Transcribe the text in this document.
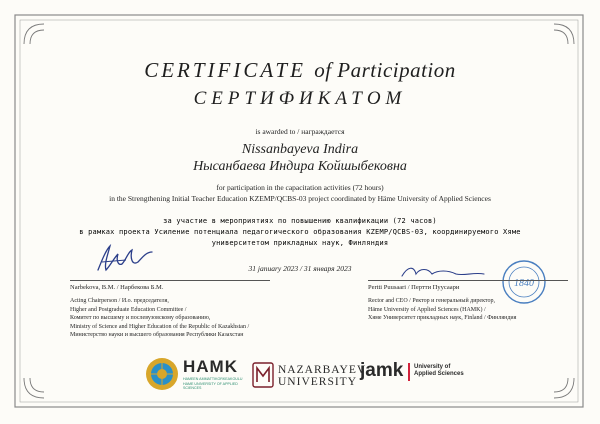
CERTIFICATE of Participation
СЕРТИФИКАТОМ
is awarded to / награждается
Nissanbayeva Indira
Нысанбаева Индира Койшыбековна
for participation in the capacitation activities (72 hours)
in the Strengthening Initial Teacher Education KZEMP/QCBS-03 project coordinated by Häme University of Applied Sciences
за участие в мероприятиях по повышению квалификации (72 часов)
в рамках проекта Усиление потенциала педагогического образования KZEMP/QCBS-03, координируемого Хяме
университетом прикладных наук, Финляндия
31 january 2023 / 31 января 2023
1840
Narbekova, B.M. / Нарбекова Б.М.
Acting Chairperson / И.о. председателя,
Higher and Postgraduate Education Committee /
Комитет по высшему и послевузовскому образованию,
Ministry of Science and Higher Education of the Republic of Kazakhstan /
Министерство науки и высшего образования Республики Казахстан
Pertti Puusaari / Пертти Пуусаари
Rector and CEO / Ректор и генеральный директор,
Häme University of Applied Sciences (HAMK) /
Хяме Университет прикладных наук, Finland / Финляндия
HAMK
HAMEEN AMMATTIKORKEAKOULU
HAME UNIVERSITY OF APPLIED SCIENCES
NAZARBAYEV
UNIVERSITY
jamk University of
Applied Sciences
